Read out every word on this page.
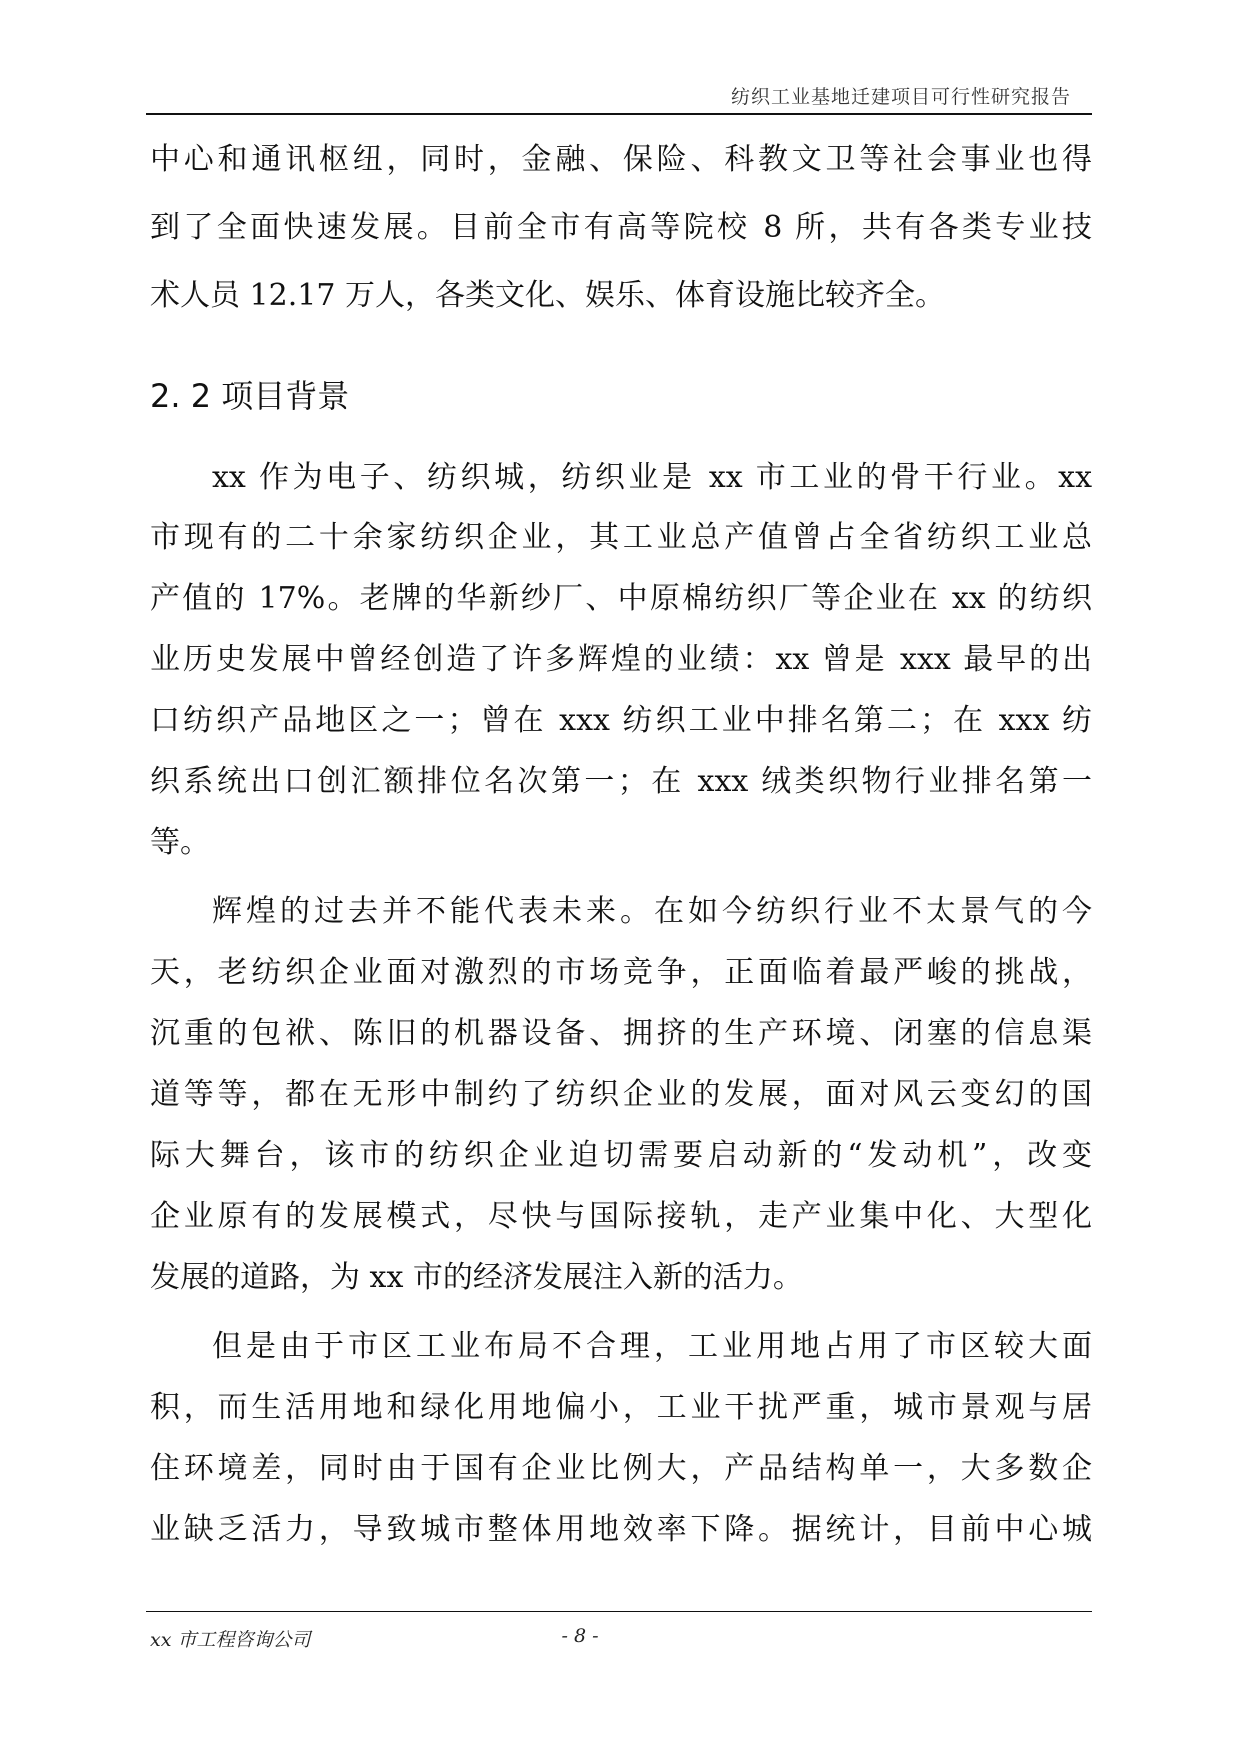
纺织工业基地迁建项目可行性研究报告
中心和通讯枢纽，同时，金融、保险、科教文卫等社会事业也得
到了全面快速发展。目前全市有高等院校 8 所，共有各类专业技
术人员 12.17 万人，各类文化、娱乐、体育设施比较齐全。
2. 2 项目背景
xx 作为电子、纺织城，纺织业是 xx 市工业的骨干行业。xx
市现有的二十余家纺织企业，其工业总产值曾占全省纺织工业总
产值的 17%。老牌的华新纱厂、中原棉纺织厂等企业在 xx 的纺织
业历史发展中曾经创造了许多辉煌的业绩：xx 曾是 xxx 最早的出
口纺织产品地区之一；曾在 xxx 纺织工业中排名第二；在 xxx 纺
织系统出口创汇额排位名次第一；在 xxx 绒类织物行业排名第一
等。
辉煌的过去并不能代表未来。在如今纺织行业不太景气的今
天，老纺织企业面对激烈的市场竞争，正面临着最严峻的挑战，
沉重的包袱、陈旧的机器设备、拥挤的生产环境、闭塞的信息渠
道等等，都在无形中制约了纺织企业的发展，面对风云变幻的国
际大舞台，该市的纺织企业迫切需要启动新的“发动机”，改变
企业原有的发展模式，尽快与国际接轨，走产业集中化、大型化
发展的道路，为 xx 市的经济发展注入新的活力。
但是由于市区工业布局不合理，工业用地占用了市区较大面
积，而生活用地和绿化用地偏小，工业干扰严重，城市景观与居
住环境差，同时由于国有企业比例大，产品结构单一，大多数企
业缺乏活力，导致城市整体用地效率下降。据统计，目前中心城
xx 市工程咨询公司	- 8 -
